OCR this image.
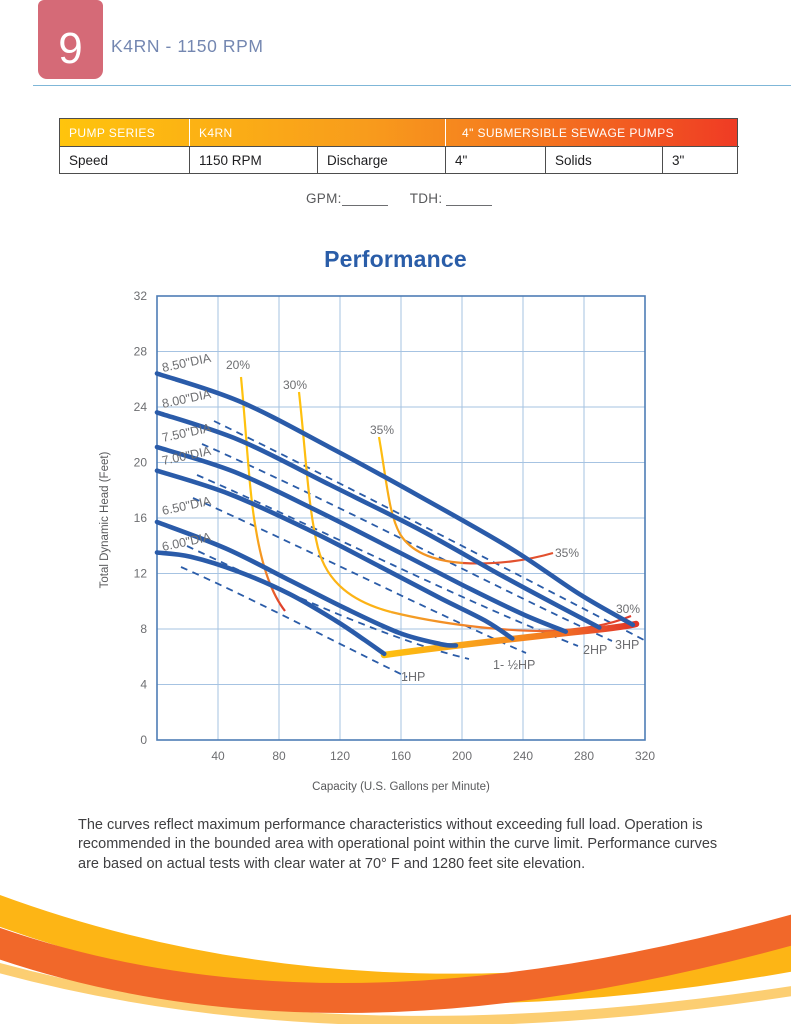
9 K4RN - 1150 RPM
PUMP SERIES	K4RN	4" SUBMERSIBLE SEWAGE PUMPS
Speed	1150 RPM	Discharge	4"	Solids	3"
GPM:	TDH:
Performance
40	80	120	160	200	240	280	320
32
28
24
20
16
12
8
4
0
Capacity (U.S. Gallons per Minute)
Total Dynamic Head (Feet)
8.50"DIA
8.00"DIA
7.50"DIA
7.00"DIA
6.50"DIA
6.00"DIA
20%
30%
35%
35%
30%
1HP
1- ½HP
2HP 3HP

The curves reflect maximum performance characteristics without exceeding full load. Operation is recommended in the bounded area with operational point within the curve limit. Performance curves are based on actual tests with clear water at 70° F and 1280 feet site elevation.
